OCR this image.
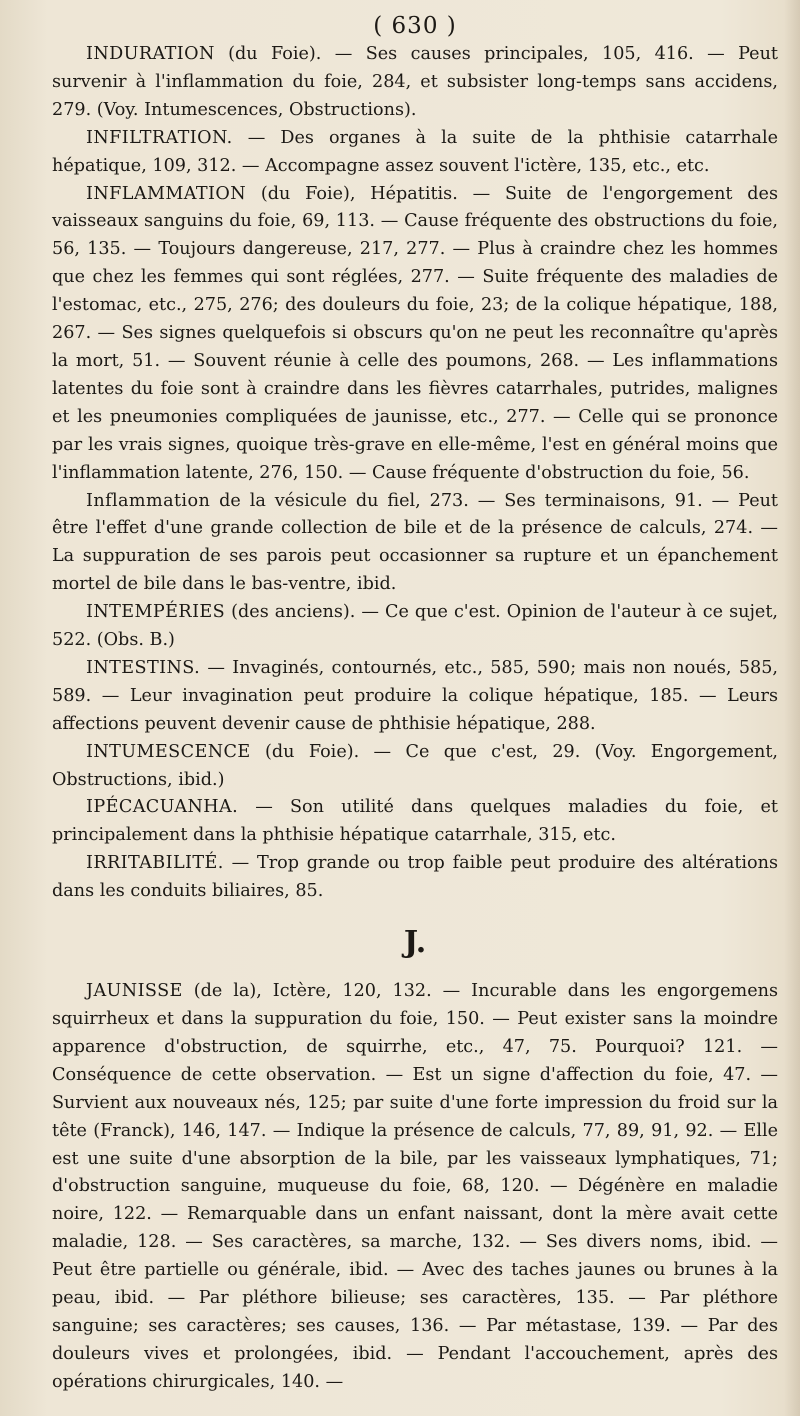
( 630 )

INDURATION (du Foie). — Ses causes principales, 105, 416. — Peut survenir à l'inflammation du foie, 284, et subsister long-temps sans accidens, 279. (Voy. Intumescences, Obstructions).

INFILTRATION. — Des organes à la suite de la phthisie catarrhale hépatique, 109, 312. — Accompagne assez souvent l'ictère, 135, etc., etc.

INFLAMMATION (du Foie), Hépatitis. — Suite de l'engorgement des vaisseaux sanguins du foie, 69, 113. — Cause fréquente des obstructions du foie, 56, 135. — Toujours dangereuse, 217, 277. — Plus à craindre chez les hommes que chez les femmes qui sont réglées, 277. — Suite fréquente des maladies de l'estomac, etc., 275, 276; des douleurs du foie, 23; de la colique hépatique, 188, 267. — Ses signes quelquefois si obscurs qu'on ne peut les reconnaître qu'après la mort, 51. — Souvent réunie à celle des poumons, 268. — Les inflammations latentes du foie sont à craindre dans les fièvres catarrhales, putrides, malignes et les pneumonies compliquées de jaunisse, etc., 277. — Celle qui se prononce par les vrais signes, quoique très-grave en elle-même, l'est en général moins que l'inflammation latente, 276, 150. — Cause fréquente d'obstruction du foie, 56.

Inflammation de la vésicule du fiel, 273. — Ses terminaisons, 91. — Peut être l'effet d'une grande collection de bile et de la présence de calculs, 274. — La suppuration de ses parois peut occasionner sa rupture et un épanchement mortel de bile dans le bas-ventre, ibid.

INTEMPÉRIES (des anciens). — Ce que c'est. Opinion de l'auteur à ce sujet, 522. (Obs. B.)

INTESTINS. — Invaginés, contournés, etc., 585, 590; mais non noués, 585, 589. — Leur invagination peut produire la colique hépatique, 185. — Leurs affections peuvent devenir cause de phthisie hépatique, 288.

INTUMESCENCE (du Foie). — Ce que c'est, 29. (Voy. Engorgement, Obstructions, ibid.)

IPÉCACUANHA. — Son utilité dans quelques maladies du foie, et principalement dans la phthisie hépatique catarrhale, 315, etc.

IRRITABILITÉ. — Trop grande ou trop faible peut produire des altérations dans les conduits biliaires, 85.

J.

JAUNISSE (de la), Ictère, 120, 132. — Incurable dans les engorgemens squirrheux et dans la suppuration du foie, 150. — Peut exister sans la moindre apparence d'obstruction, de squirrhe, etc., 47, 75. Pourquoi? 121. — Conséquence de cette observation. — Est un signe d'affection du foie, 47. — Survient aux nouveaux nés, 125; par suite d'une forte impression du froid sur la tête (Franck), 146, 147. — Indique la présence de calculs, 77, 89, 91, 92. — Elle est une suite d'une absorption de la bile, par les vaisseaux lymphatiques, 71; d'obstruction sanguine, muqueuse du foie, 68, 120. — Dégénère en maladie noire, 122. — Remarquable dans un enfant naissant, dont la mère avait cette maladie, 128. — Ses caractères, sa marche, 132. — Ses divers noms, ibid. — Peut être partielle ou générale, ibid. — Avec des taches jaunes ou brunes à la peau, ibid. — Par pléthore bilieuse; ses caractères, 135. — Par pléthore sanguine; ses caractères; ses causes, 136. — Par métastase, 139. — Par des douleurs vives et prolongées, ibid. — Pendant l'accouchement, après des opérations chirurgicales, 140. —
